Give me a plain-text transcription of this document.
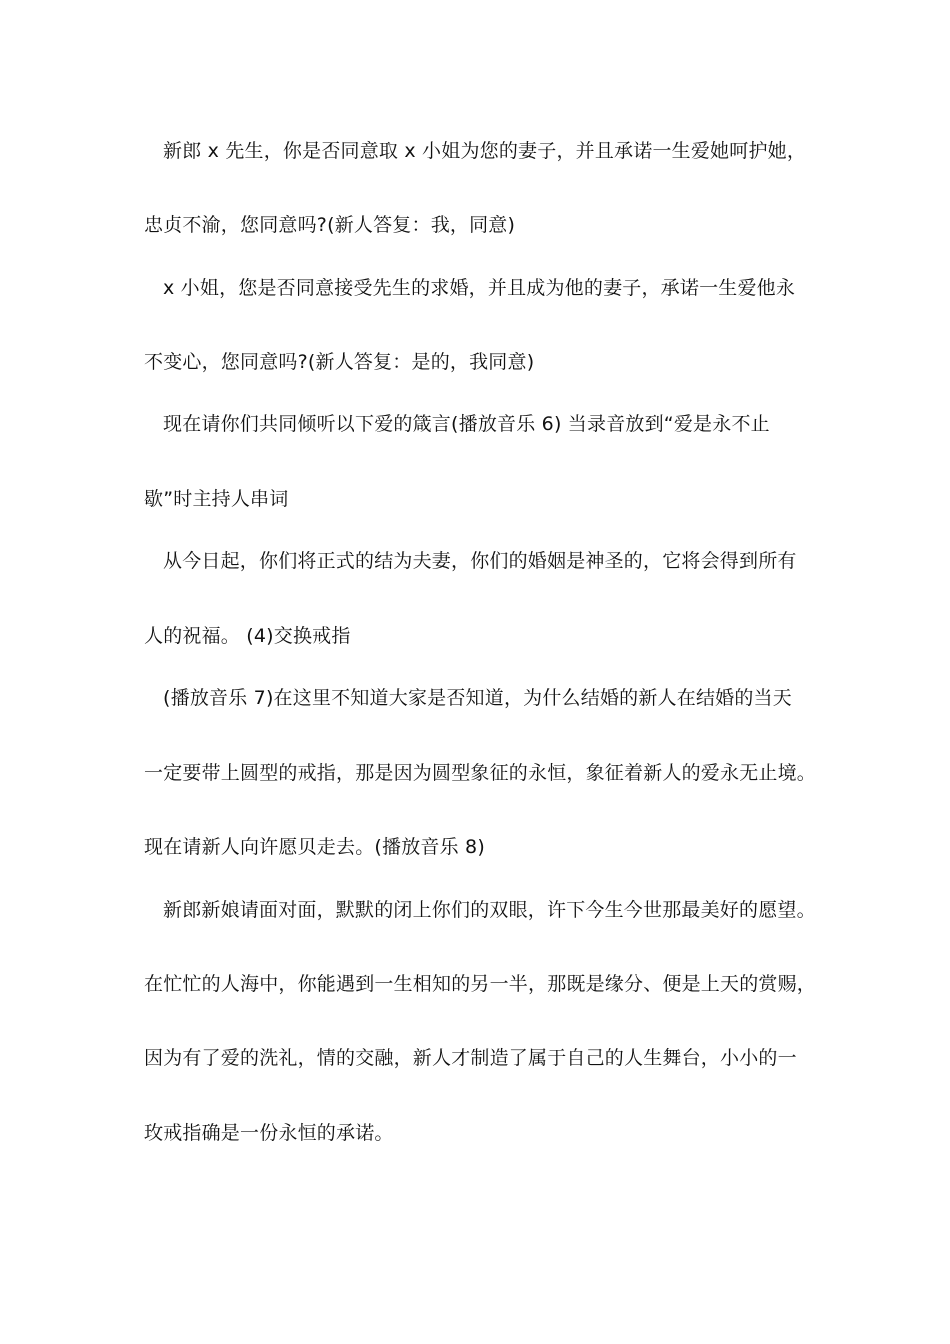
新郎 x 先生，你是否同意取 x 小姐为您的妻子，并且承诺一生爱她呵护她，
忠贞不渝，您同意吗?(新人答复：我，同意)
x 小姐，您是否同意接受先生的求婚，并且成为他的妻子，承诺一生爱他永
不变心，您同意吗?(新人答复：是的，我同意)
现在请你们共同倾听以下爱的箴言(播放音乐 6) 当录音放到“爱是永不止
歇”时主持人串词
从今日起，你们将正式的结为夫妻，你们的婚姻是神圣的，它将会得到所有
人的祝福。 (4)交换戒指
(播放音乐 7)在这里不知道大家是否知道，为什么结婚的新人在结婚的当天
一定要带上圆型的戒指，那是因为圆型象征的永恒，象征着新人的爱永无止境。
现在请新人向许愿贝走去。(播放音乐 8)
新郎新娘请面对面，默默的闭上你们的双眼，许下今生今世那最美好的愿望。
在忙忙的人海中，你能遇到一生相知的另一半，那既是缘分、便是上天的赏赐，
因为有了爱的洗礼，情的交融，新人才制造了属于自己的人生舞台，小小的一
玫戒指确是一份永恒的承诺。
